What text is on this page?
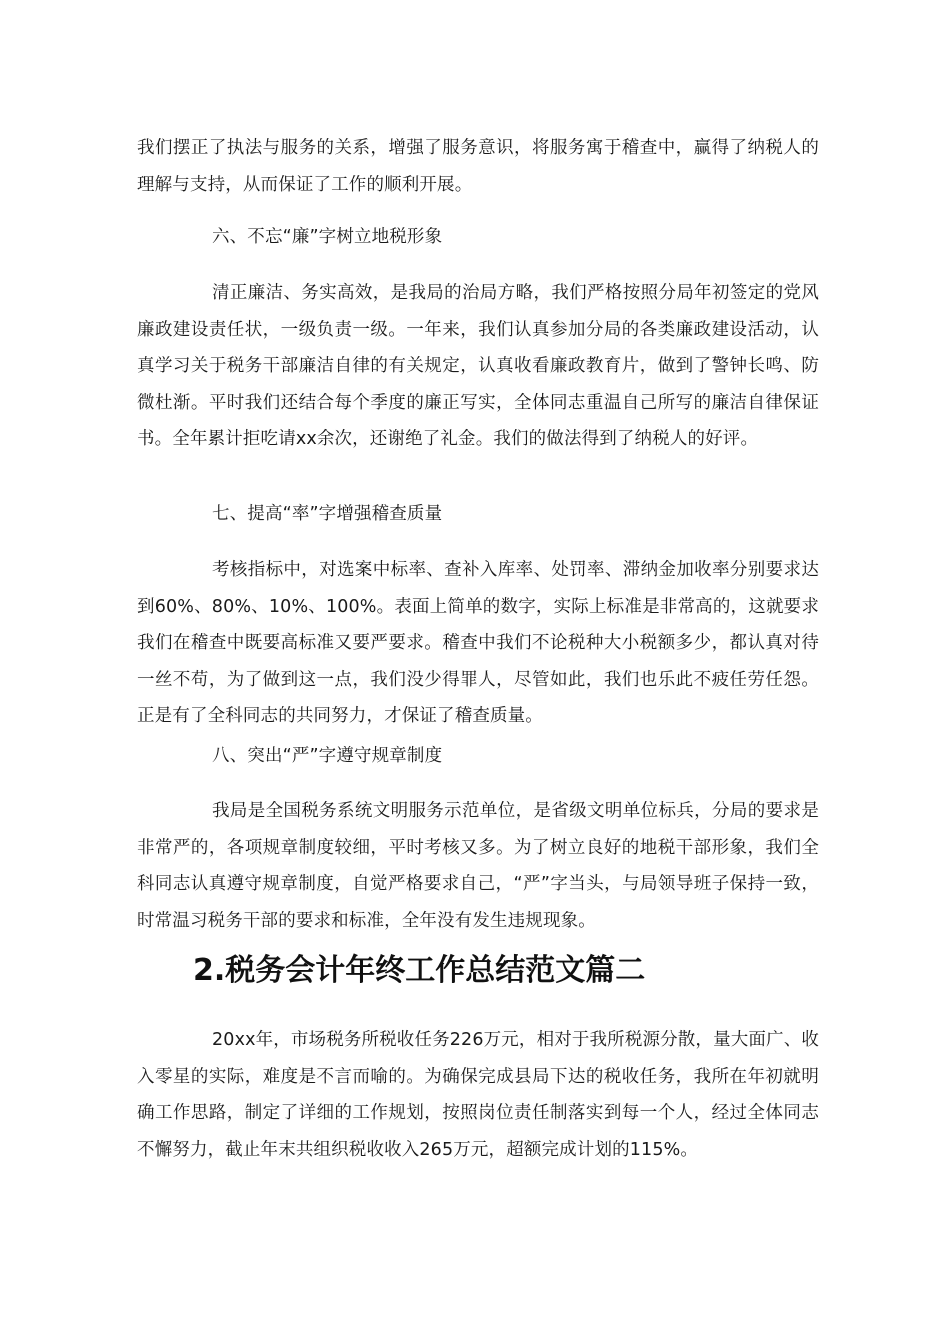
我们摆正了执法与服务的关系，增强了服务意识，将服务寓于稽查中，赢得了纳税人的理解与支持，从而保证了工作的顺利开展。

六、不忘“廉”字树立地税形象

清正廉洁、务实高效，是我局的治局方略，我们严格按照分局年初签定的党风廉政建设责任状，一级负责一级。一年来，我们认真参加分局的各类廉政建设活动，认真学习关于税务干部廉洁自律的有关规定，认真收看廉政教育片，做到了警钟长鸣、防微杜渐。平时我们还结合每个季度的廉正写实，全体同志重温自己所写的廉洁自律保证书。全年累计拒吃请xx余次，还谢绝了礼金。我们的做法得到了纳税人的好评。

七、提高“率”字增强稽查质量

考核指标中，对选案中标率、查补入库率、处罚率、滞纳金加收率分别要求达到60%、80%、10%、100%。表面上简单的数字，实际上标准是非常高的，这就要求我们在稽查中既要高标准又要严要求。稽查中我们不论税种大小税额多少，都认真对待一丝不苟，为了做到这一点，我们没少得罪人，尽管如此，我们也乐此不疲任劳任怨。正是有了全科同志的共同努力，才保证了稽查质量。

八、突出“严”字遵守规章制度

我局是全国税务系统文明服务示范单位，是省级文明单位标兵，分局的要求是非常严的，各项规章制度较细，平时考核又多。为了树立良好的地税干部形象，我们全科同志认真遵守规章制度，自觉严格要求自己，“严”字当头，与局领导班子保持一致，时常温习税务干部的要求和标准，全年没有发生违规现象。

2.税务会计年终工作总结范文篇二

20xx年，市场税务所税收任务226万元，相对于我所税源分散，量大面广、收入零星的实际，难度是不言而喻的。为确保完成县局下达的税收任务，我所在年初就明确工作思路，制定了详细的工作规划，按照岗位责任制落实到每一个人，经过全体同志不懈努力，截止年末共组织税收收入265万元，超额完成计划的115%。
